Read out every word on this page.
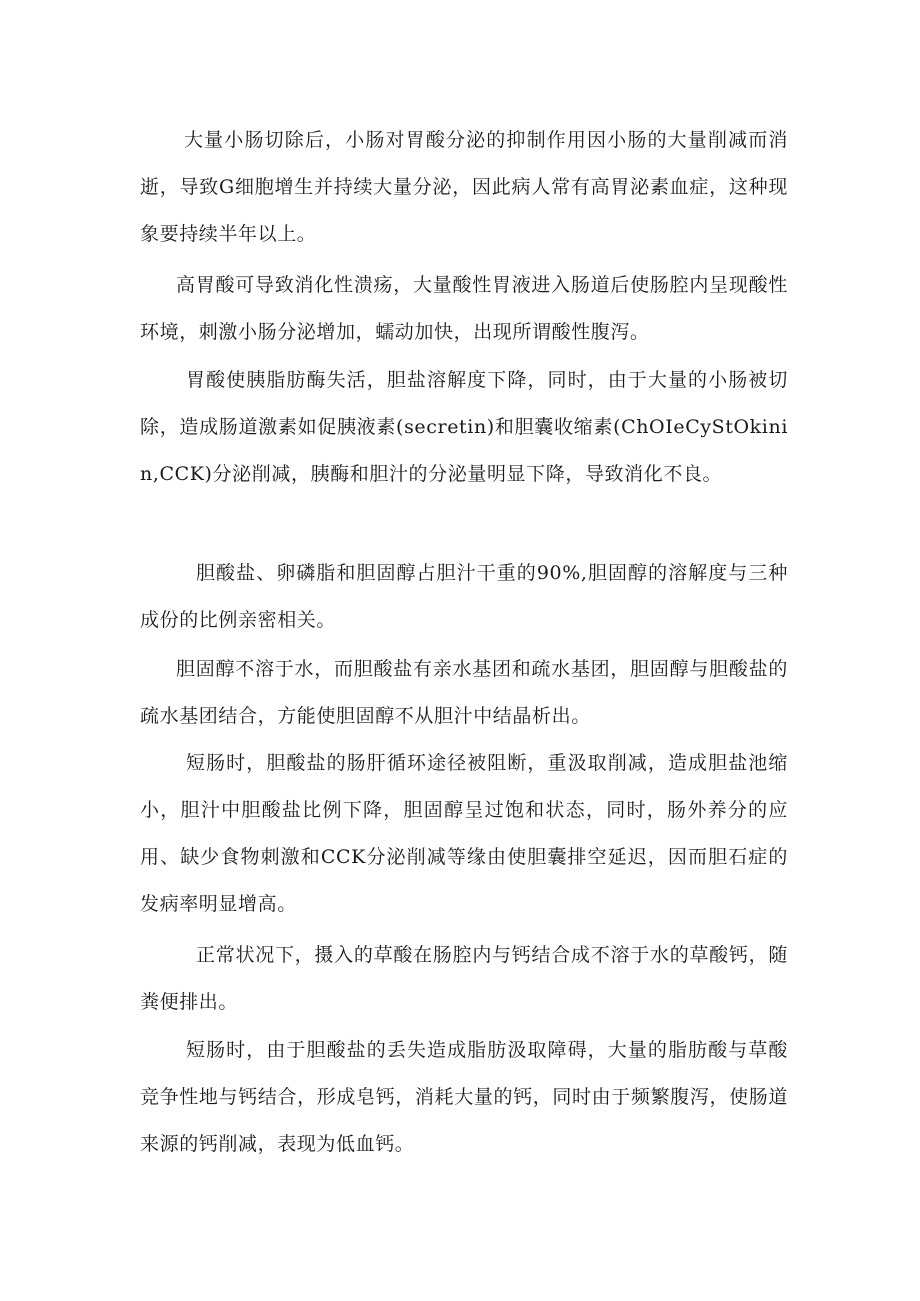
大量小肠切除后，小肠对胃酸分泌的抑制作用因小肠的大量削减而消逝，导致G细胞增生并持续大量分泌，因此病人常有高胃泌素血症，这种现象要持续半年以上。

高胃酸可导致消化性溃疡，大量酸性胃液进入肠道后使肠腔内呈现酸性环境，刺激小肠分泌增加，蠕动加快，出现所谓酸性腹泻。

胃酸使胰脂肪酶失活，胆盐溶解度下降，同时，由于大量的小肠被切除，造成肠道激素如促胰液素(secretin)和胆囊收缩素(ChOIeCyStOkinin,CCK)分泌削减，胰酶和胆汁的分泌量明显下降，导致消化不良。

胆酸盐、卵磷脂和胆固醇占胆汁干重的90%,胆固醇的溶解度与三种成份的比例亲密相关。

胆固醇不溶于水，而胆酸盐有亲水基团和疏水基团，胆固醇与胆酸盐的疏水基团结合，方能使胆固醇不从胆汁中结晶析出。

短肠时，胆酸盐的肠肝循环途径被阻断，重汲取削减，造成胆盐池缩小，胆汁中胆酸盐比例下降，胆固醇呈过饱和状态，同时，肠外养分的应用、缺少食物刺激和CCK分泌削减等缘由使胆囊排空延迟，因而胆石症的发病率明显增高。

正常状况下，摄入的草酸在肠腔内与钙结合成不溶于水的草酸钙，随粪便排出。

短肠时，由于胆酸盐的丢失造成脂肪汲取障碍，大量的脂肪酸与草酸竞争性地与钙结合，形成皂钙，消耗大量的钙，同时由于频繁腹泻，使肠道来源的钙削减，表现为低血钙。
